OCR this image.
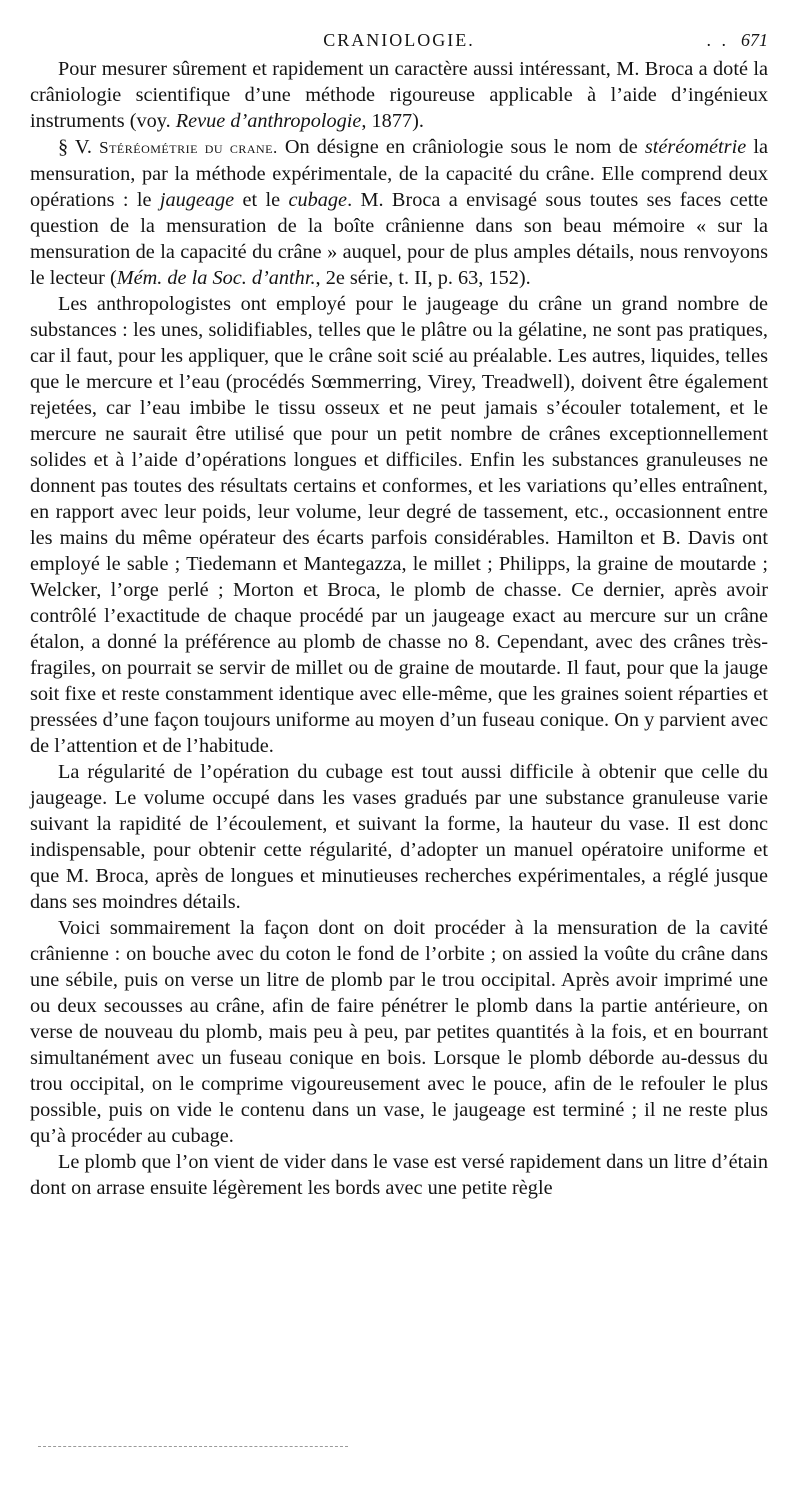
CRANIOLOGIE.	. . 671

Pour mesurer sûrement et rapidement un caractère aussi intéressant, M. Broca a doté la crâniologie scientifique d’une méthode rigoureuse applicable à l’aide d’ingénieux instruments (voy. Revue d’anthropologie, 1877).

§ V. Stéréométrie du crane. On désigne en crâniologie sous le nom de stéréométrie la mensuration, par la méthode expérimentale, de la capacité du crâne. Elle comprend deux opérations : le jaugeage et le cubage. M. Broca a envisagé sous toutes ses faces cette question de la mensuration de la boîte crânienne dans son beau mémoire « sur la mensuration de la capacité du crâne » auquel, pour de plus amples détails, nous renvoyons le lecteur (Mém. de la Soc. d’anthr., 2e série, t. II, p. 63, 152).

Les anthropologistes ont employé pour le jaugeage du crâne un grand nombre de substances : les unes, solidifiables, telles que le plâtre ou la gélatine, ne sont pas pratiques, car il faut, pour les appliquer, que le crâne soit scié au préalable. Les autres, liquides, telles que le mercure et l’eau (procédés Sœmmerring, Virey, Treadwell), doivent être également rejetées, car l’eau imbibe le tissu osseux et ne peut jamais s’écouler totalement, et le mercure ne saurait être utilisé que pour un petit nombre de crânes exceptionnellement solides et à l’aide d’opérations longues et difficiles. Enfin les substances granuleuses ne donnent pas toutes des résultats certains et conformes, et les variations qu’elles entraînent, en rapport avec leur poids, leur volume, leur degré de tassement, etc., occasionnent entre les mains du même opérateur des écarts parfois considérables. Hamilton et B. Davis ont employé le sable ; Tiedemann et Mantegazza, le millet ; Philipps, la graine de moutarde ; Welcker, l’orge perlé ; Morton et Broca, le plomb de chasse. Ce dernier, après avoir contrôlé l’exactitude de chaque procédé par un jaugeage exact au mercure sur un crâne étalon, a donné la préférence au plomb de chasse no 8. Cependant, avec des crânes très-fragiles, on pourrait se servir de millet ou de graine de moutarde. Il faut, pour que la jauge soit fixe et reste constamment identique avec elle-même, que les graines soient réparties et pressées d’une façon toujours uniforme au moyen d’un fuseau conique. On y parvient avec de l’attention et de l’habitude.

La régularité de l’opération du cubage est tout aussi difficile à obtenir que celle du jaugeage. Le volume occupé dans les vases gradués par une substance granuleuse varie suivant la rapidité de l’écoulement, et suivant la forme, la hauteur du vase. Il est donc indispensable, pour obtenir cette régularité, d’adopter un manuel opératoire uniforme et que M. Broca, après de longues et minutieuses recherches expérimentales, a réglé jusque dans ses moindres détails.

Voici sommairement la façon dont on doit procéder à la mensuration de la cavité crânienne : on bouche avec du coton le fond de l’orbite ; on assied la voûte du crâne dans une sébile, puis on verse un litre de plomb par le trou occipital. Après avoir imprimé une ou deux secousses au crâne, afin de faire pénétrer le plomb dans la partie antérieure, on verse de nouveau du plomb, mais peu à peu, par petites quantités à la fois, et en bourrant simultanément avec un fuseau conique en bois. Lorsque le plomb déborde au-dessus du trou occipital, on le comprime vigoureusement avec le pouce, afin de le refouler le plus possible, puis on vide le contenu dans un vase, le jaugeage est terminé ; il ne reste plus qu’à procéder au cubage.

Le plomb que l’on vient de vider dans le vase est versé rapidement dans un litre d’étain dont on arrase ensuite légèrement les bords avec une petite règle
